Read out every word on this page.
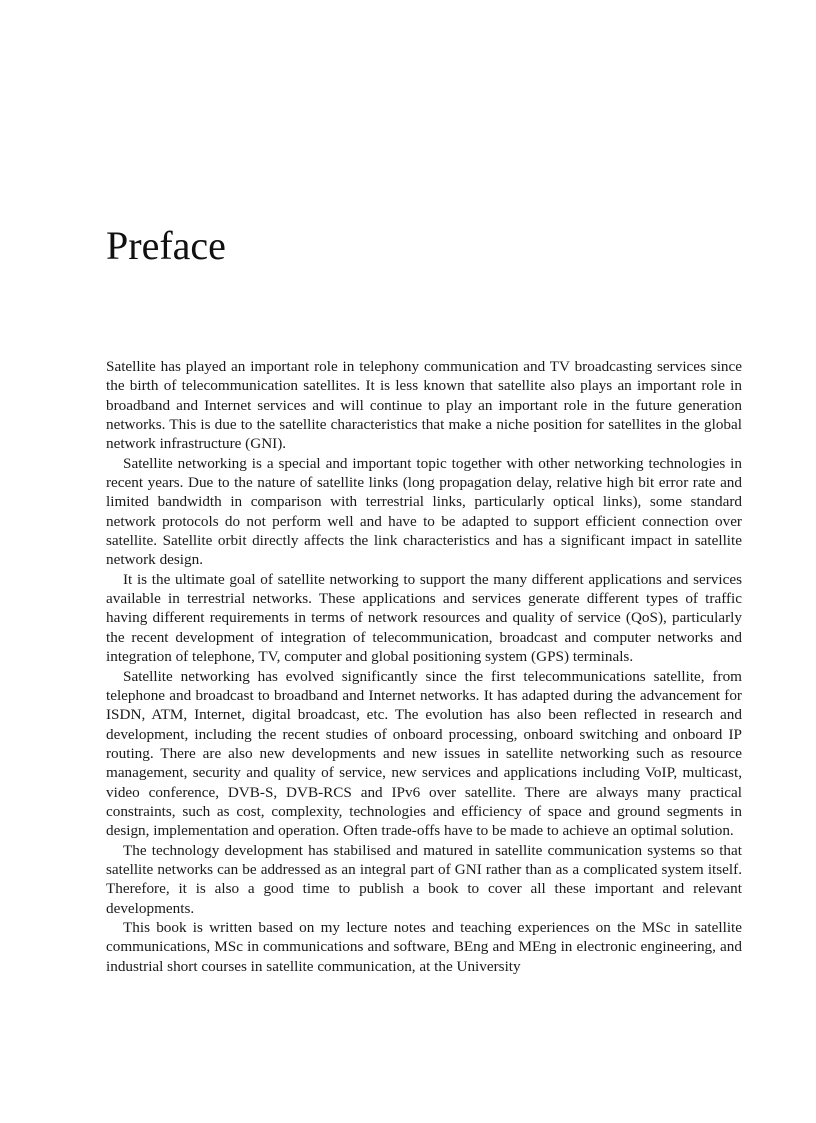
Preface

Satellite has played an important role in telephony communication and TV broadcasting services since the birth of telecommunication satellites. It is less known that satellite also plays an important role in broadband and Internet services and will continue to play an important role in the future generation networks. This is due to the satellite characteristics that make a niche position for satellites in the global network infrastructure (GNI).

Satellite networking is a special and important topic together with other networking technologies in recent years. Due to the nature of satellite links (long propagation delay, relative high bit error rate and limited bandwidth in comparison with terrestrial links, particularly optical links), some standard network protocols do not perform well and have to be adapted to support efficient connection over satellite. Satellite orbit directly affects the link characteristics and has a significant impact in satellite network design.

It is the ultimate goal of satellite networking to support the many different applications and services available in terrestrial networks. These applications and services generate different types of traffic having different requirements in terms of network resources and quality of service (QoS), particularly the recent development of integration of telecommunication, broadcast and computer networks and integration of telephone, TV, computer and global positioning system (GPS) terminals.

Satellite networking has evolved significantly since the first telecommunications satellite, from telephone and broadcast to broadband and Internet networks. It has adapted during the advancement for ISDN, ATM, Internet, digital broadcast, etc. The evolution has also been reflected in research and development, including the recent studies of onboard processing, onboard switching and onboard IP routing. There are also new developments and new issues in satellite networking such as resource management, security and quality of service, new services and applications including VoIP, multicast, video conference, DVB-S, DVB-RCS and IPv6 over satellite. There are always many practical constraints, such as cost, complexity, technologies and efficiency of space and ground segments in design, implementation and operation. Often trade-offs have to be made to achieve an optimal solution.

The technology development has stabilised and matured in satellite communication systems so that satellite networks can be addressed as an integral part of GNI rather than as a complicated system itself. Therefore, it is also a good time to publish a book to cover all these important and relevant developments.

This book is written based on my lecture notes and teaching experiences on the MSc in satellite communications, MSc in communications and software, BEng and MEng in electronic engineering, and industrial short courses in satellite communication, at the University
